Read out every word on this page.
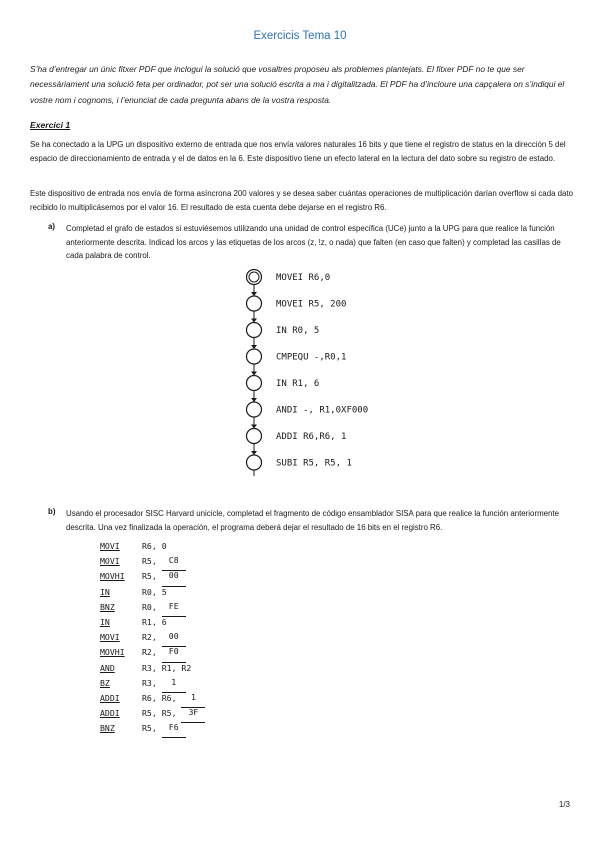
Exercicis Tema 10
S’ha d’entregar un únic fitxer PDF que inclogui la solució que vosaltres proposeu als problemes plantejats. El fitxer PDF no te que ser necessàriament una solució feta per ordinador, pot ser una solució escrita a ma i digitalitzada. El PDF ha d’incloure una capçalera on s’indiqui el vostre nom i cognoms, i l’enunciat de cada pregunta abans de la vostra resposta.
Exercici 1
Se ha conectado a la UPG un dispositivo externo de entrada que nos envía valores naturales 16 bits y que tiene el registro de status en la dirección 5 del espacio de direccionamiento de entrada y el de datos en la 6. Este dispositivo tiene un efecto lateral en la lectura del dato sobre su registro de estado.
Este dispositivo de entrada nos envía de forma asíncrona 200 valores y se desea saber cuántas operaciones de multiplicación darían overflow si cada dato recibido lo multiplicásemos por el valor 16. El resultado de esta cuenta debe dejarse en el registro R6.
a) Completad el grafo de estados si estuviésemos utilizando una unidad de control específica (UCe) junto a la UPG para que realice la función anteriormente descrita. Indicad los arcos y las etiquetas de los arcos (z, !z, o nada) que falten (en caso que falten) y completad las casillas de cada palabra de control.
MOVEI R6,0
MOVEI R5, 200
IN R0, 5
CMPEQU -,R0,1
IN R1, 6
ANDI -, R1,0XF000
ADDI R6,R6, 1
SUBI R5, R5, 1
b) Usando el procesador SISC Harvard unicicle, completad el fragmento de código ensamblador SISA para que realice la función anteriormente descrita. Una vez finalizada la operación, el programa deberá dejar el resultado de 16 bits en el registro R6.
MOVI	R6, 0
MOVI	R5, C8
MOVHI	R5, 00
IN	R0, 5
BNZ	R0, FE
IN	R1, 6
MOVI	R2, 00
MOVHI	R2, F0
AND	R3, R1, R2
BZ	R3,	1
ADDI	R6, R6,	1
ADDI	R5, R5, 3F
BNZ	R5, F6
1/3
